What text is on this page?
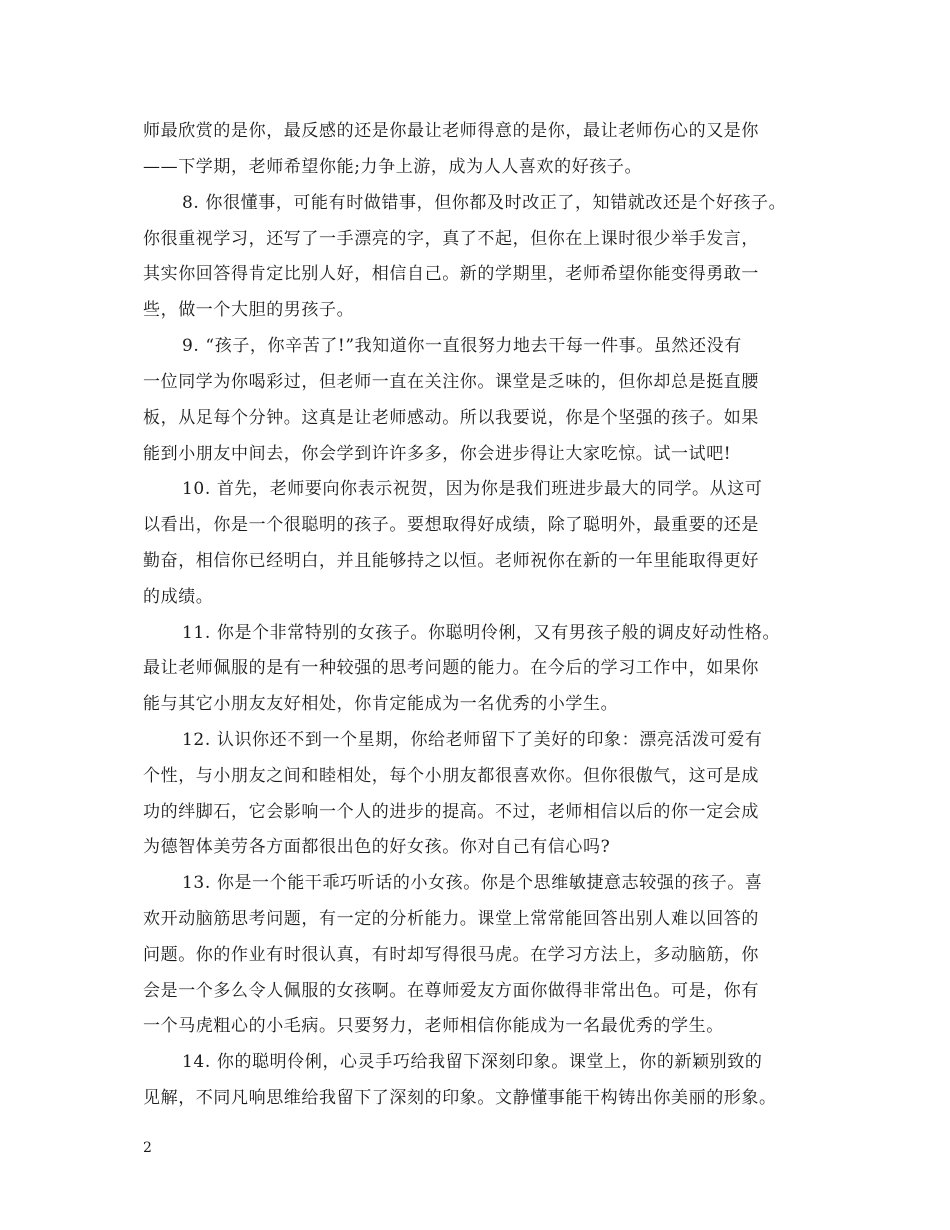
师最欣赏的是你，最反感的还是你最让老师得意的是你，最让老师伤心的又是你
——下学期，老师希望你能;力争上游，成为人人喜欢的好孩子。
8. 你很懂事，可能有时做错事，但你都及时改正了，知错就改还是个好孩子。
你很重视学习，还写了一手漂亮的字，真了不起，但你在上课时很少举手发言，
其实你回答得肯定比别人好，相信自己。新的学期里，老师希望你能变得勇敢一
些，做一个大胆的男孩子。
9. “孩子，你辛苦了!”我知道你一直很努力地去干每一件事。虽然还没有
一位同学为你喝彩过，但老师一直在关注你。课堂是乏味的，但你却总是挺直腰
板，从足每个分钟。这真是让老师感动。所以我要说，你是个坚强的孩子。如果
能到小朋友中间去，你会学到许许多多，你会进步得让大家吃惊。试一试吧!
10. 首先，老师要向你表示祝贺，因为你是我们班进步最大的同学。从这可
以看出，你是一个很聪明的孩子。要想取得好成绩，除了聪明外，最重要的还是
勤奋，相信你已经明白，并且能够持之以恒。老师祝你在新的一年里能取得更好
的成绩。
11. 你是个非常特别的女孩子。你聪明伶俐，又有男孩子般的调皮好动性格。
最让老师佩服的是有一种较强的思考问题的能力。在今后的学习工作中，如果你
能与其它小朋友友好相处，你肯定能成为一名优秀的小学生。
12. 认识你还不到一个星期，你给老师留下了美好的印象：漂亮活泼可爱有
个性，与小朋友之间和睦相处，每个小朋友都很喜欢你。但你很傲气，这可是成
功的绊脚石，它会影响一个人的进步的提高。不过，老师相信以后的你一定会成
为德智体美劳各方面都很出色的好女孩。你对自己有信心吗?
13. 你是一个能干乖巧听话的小女孩。你是个思维敏捷意志较强的孩子。喜
欢开动脑筋思考问题，有一定的分析能力。课堂上常常能回答出别人难以回答的
问题。你的作业有时很认真，有时却写得很马虎。在学习方法上，多动脑筋，你
会是一个多么令人佩服的女孩啊。在尊师爱友方面你做得非常出色。可是，你有
一个马虎粗心的小毛病。只要努力，老师相信你能成为一名最优秀的学生。
14. 你的聪明伶俐，心灵手巧给我留下深刻印象。课堂上，你的新颖别致的
见解，不同凡响思维给我留下了深刻的印象。文静懂事能干构铸出你美丽的形象。
2
